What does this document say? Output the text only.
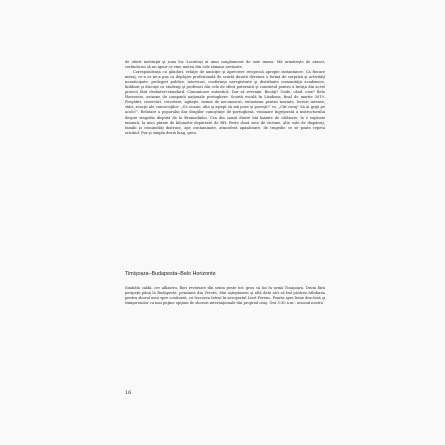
de oferit instituţiă şi zona lor. Locuitori ai unui conglomerat de sate imens. Mă urmăreşte de atunci, cerându-mi să nu ignor ce vine mereu din cele rămase nevăzute.

Corespondenţa cu gânduri, relaţie de amiciţie şi apreciere reciprocă apropie instantanee. Ca fiecare mesaj, ce-a ce ne-a pus ca depăşire profesională de scurtă durată devenea o formă de surpriză şi activităţi neanticipate: prelegeri publice, interviuri, conferinţe neregistrate şi distribuite comunităţii academice, întâlniri şi discuţii cu studenţi şi profesori din cele de sferă puternică şi comitetul pentru a învăţa din acest proiect fără dezbateri-standard. Comunicare autentică. Dar să revenim. Bucăţi? Unde, când, cine? Belo Horizonte, aviaone de companii naţionale portugheze. Scurtă escală în Lisabona, final de martie 2019. Pregătiri, rezervări, cercetare, agitaţie, teamă de necunoscut, entuziasm pentru noutate, lecturi intense, stări, reacţii ale cunoscuţilor: „Ce ocazie, aha şi aştept să mă poze şi poveşti!" vs. „Cât curaj! Să ai grijă pe acolo!". Relatare a poporului dar dragilor cunoştinţe de portugheză, visionare îngrijorată a instructorului despre tragedia dispută de la Brumadinho. Cea din cauză dintre băi înainte de călătorie, la o explozie minieră, la mici pâraie de kilometri depărtare de BH. Peste două sute de victime, alte sute de dispăruţi, familii şi comunităţi distruse, ape contaminate, atmosferă apăsătoare, de tragedie ce se poate repeta oricând. Pur şi simplu drum lung, greu.

Timişoara–Budapesta–Belo Horizonte

Simbătă caldă, cer albastru, flori revărsate din senin peste tot: greu să las în urmă Timişoara. Drum fără peripeţii până la Budapesta, pensiune din Vecsés. Mai aşteptasem şi altă dată aici să îmi păstrez răbdarea pentru zborul meu spre continent, cu trecerea Intrui în aeroportul Liszt Ferenc. Poarta spre lume deschisă şi timişorenilor cu mai puţine opţiuni de zboruri internaţionale din propriul oraş. Ora 5:30 a.m.: avionul nostru

16
